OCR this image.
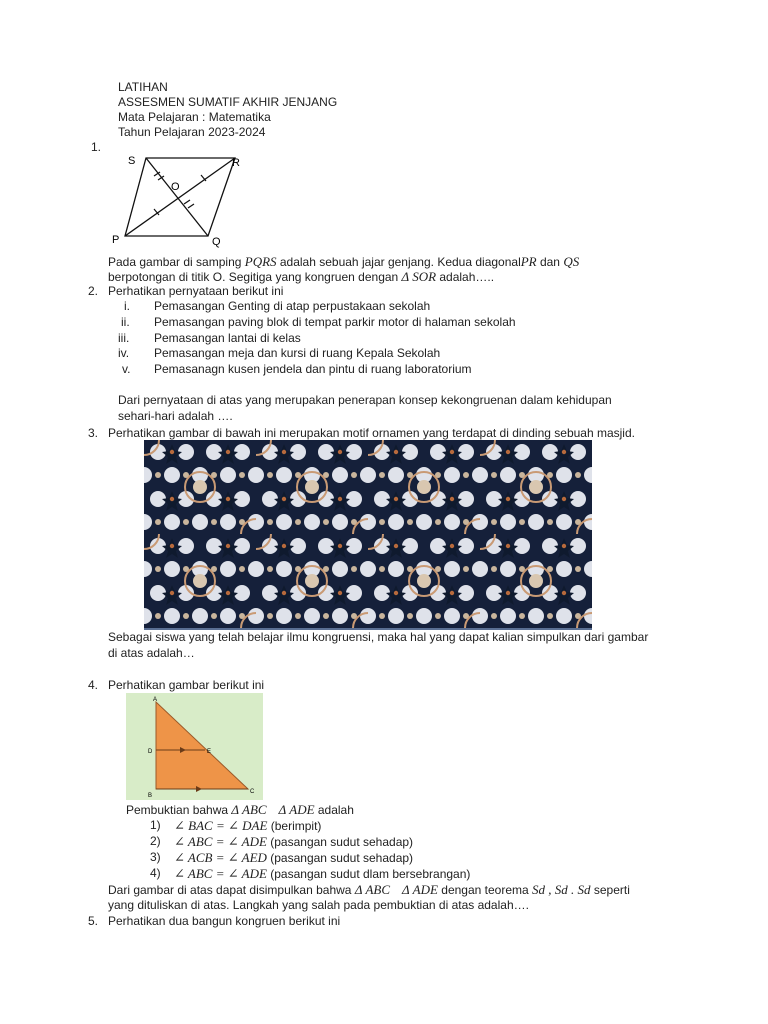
LATIHAN
ASSESMEN SUMATIF AKHIR JENJANG
Mata Pelajaran : Matematika
Tahun Pelajaran 2023-2024
1.
S	R
O
P	Q
Pada gambar di samping PQRS adalah sebuah jajar genjang. Kedua diagonalPR dan QS
berpotongan di titik O. Segitiga yang kongruen dengan Δ SOR adalah…..
2. Perhatikan pernyataan berikut ini
i. Pemasangan Genting di atap perpustakaan sekolah
ii. Pemasangan paving blok di tempat parkir motor di halaman sekolah
iii. Pemasangan lantai di kelas
iv. Pemasangan meja dan kursi di ruang Kepala Sekolah
v. Pemasanagn kusen jendela dan pintu di ruang laboratorium
Dari pernyataan di atas yang merupakan penerapan konsep kekongruenan dalam kehidupan
sehari-hari adalah ….
3. Perhatikan gambar di bawah ini merupakan motif ornamen yang terdapat di dinding sebuah masjid.
Sebagai siswa yang telah belajar ilmu kongruensi, maka hal yang dapat kalian simpulkan dari gambar
di atas adalah…
4. Perhatikan gambar berikut ini
A
D	E
B
C
Pembuktian bahwa Δ ABC Δ ADE adalah
1) ∠ BAC = ∠ DAE (berimpit)
2) ∠ ABC = ∠ ADE (pasangan sudut sehadap)
3) ∠ ACB = ∠ AED (pasangan sudut sehadap)
4) ∠ ABC = ∠ ADE (pasangan sudut dlam bersebrangan)
Dari gambar di atas dapat disimpulkan bahwa Δ ABC Δ ADE dengan teorema Sd , Sd . Sd seperti
yang dituliskan di atas. Langkah yang salah pada pembuktian di atas adalah….
5. Perhatikan dua bangun kongruen berikut ini
